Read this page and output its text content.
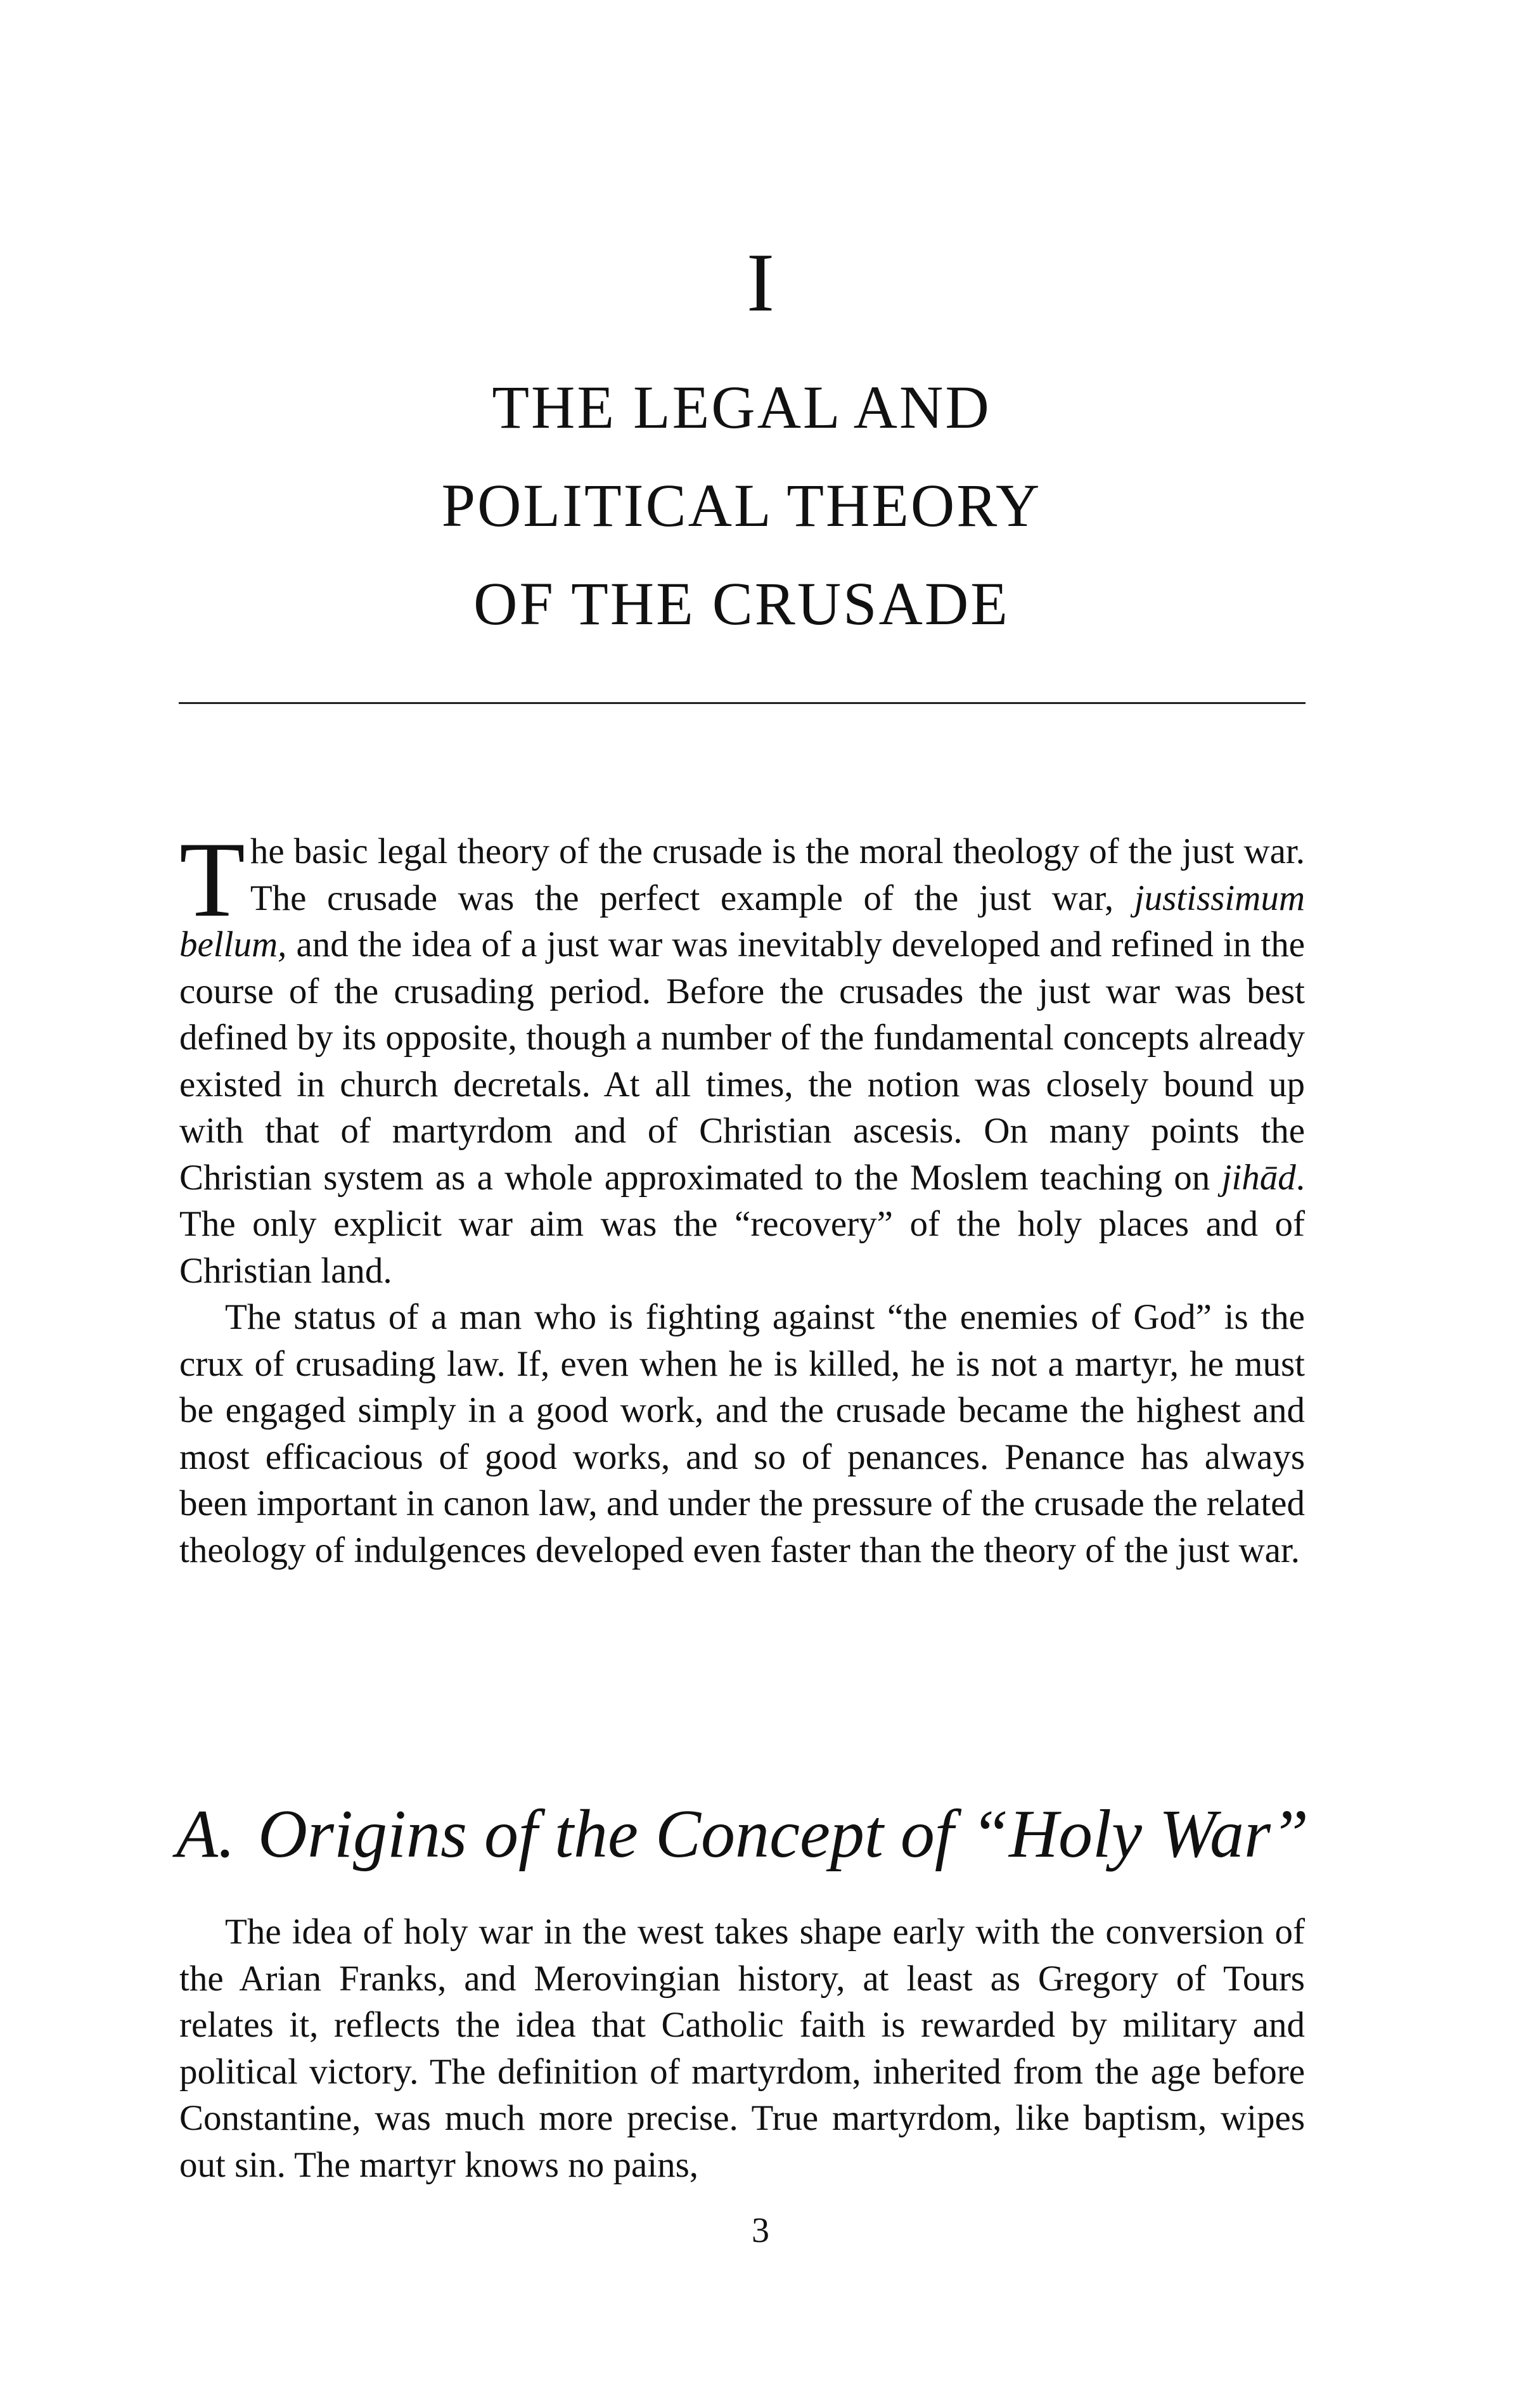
I
THE LEGAL AND
POLITICAL THEORY
OF THE CRUSADE

The basic legal theory of the crusade is the moral theology of the just war. The crusade was the perfect example of the just war, justissimum bellum, and the idea of a just war was inevitably developed and refined in the course of the crusading period. Before the crusades the just war was best defined by its opposite, though a number of the fundamental concepts already existed in church decretals. At all times, the notion was closely bound up with that of martyrdom and of Christian ascesis. On many points the Christian system as a whole approximated to the Moslem teaching on jihād. The only explicit war aim was the “recovery” of the holy places and of Christian land.

The status of a man who is fighting against “the enemies of God” is the crux of crusading law. If, even when he is killed, he is not a martyr, he must be engaged simply in a good work, and the crusade became the highest and most efficacious of good works, and so of penances. Penance has always been important in canon law, and under the pressure of the crusade the related theology of indulgences developed even faster than the theory of the just war.

A. Origins of the Concept of “Holy War”

The idea of holy war in the west takes shape early with the conversion of the Arian Franks, and Merovingian history, at least as Gregory of Tours relates it, reflects the idea that Catholic faith is rewarded by military and political victory. The definition of martyrdom, inherited from the age before Constantine, was much more precise. True martyrdom, like baptism, wipes out sin. The martyr knows no pains,

3
